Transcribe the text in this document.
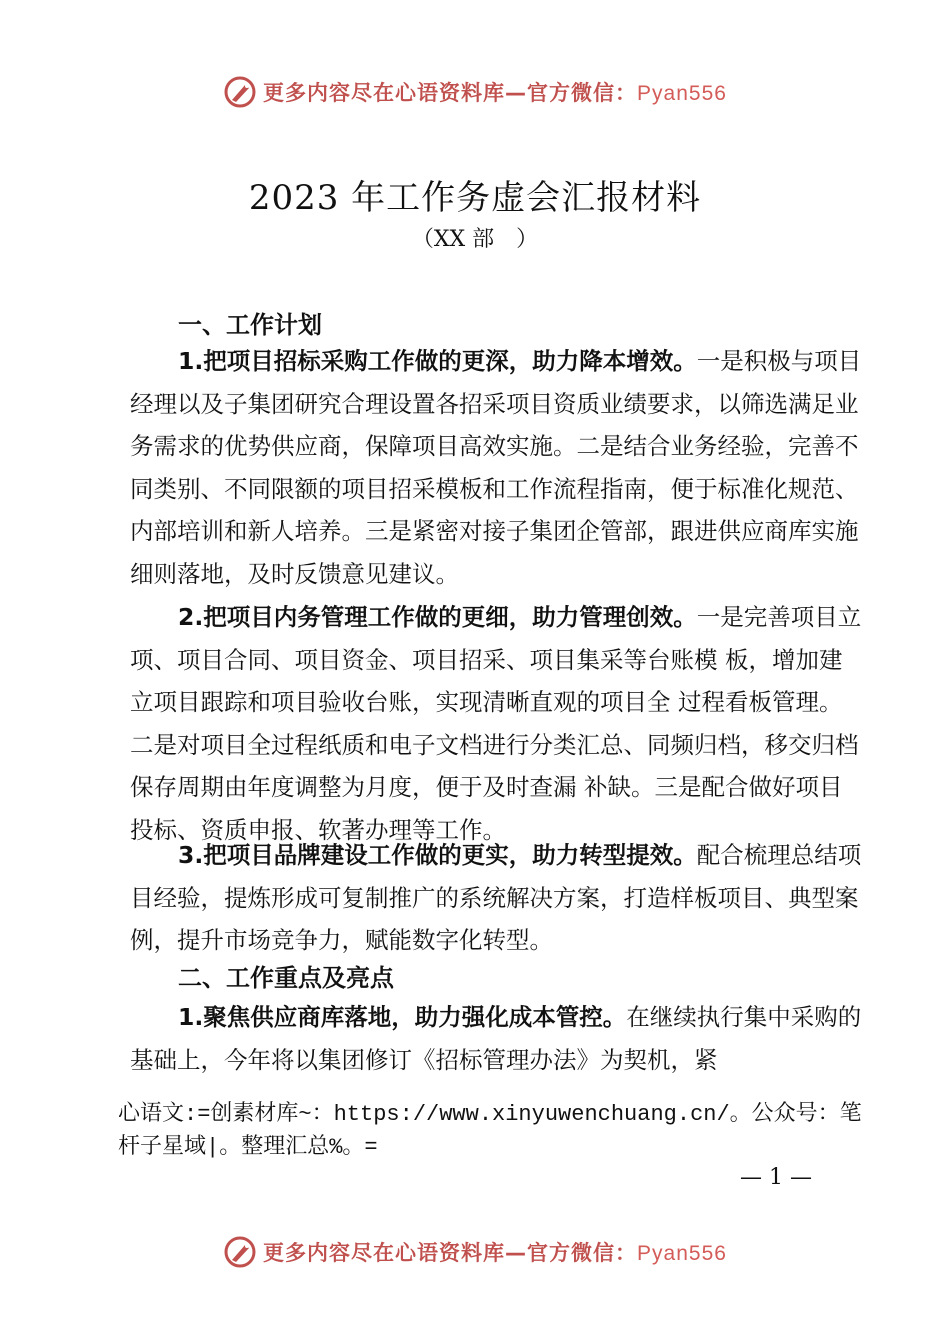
更多内容尽在心语资料库—官方微信：Pyan556
2023 年工作务虚会汇报材料
（XX 部　）
一、工作计划
1.把项目招标采购工作做的更深，助力降本增效。一是积极与项目经理以及子集团研究合理设置各招采项目资质业绩要求，以筛选满足业务需求的优势供应商，保障项目高效实施。二是结合业务经验，完善不同类别、不同限额的项目招采模板和工作流程指南，便于标准化规范、内部培训和新人培养。三是紧密对接子集团企管部，跟进供应商库实施细则落地，及时反馈意见建议。
2.把项目内务管理工作做的更细，助力管理创效。一是完善项目立项、项目合同、项目资金、项目招采、项目集采等台账模 板，增加建立项目跟踪和项目验收台账，实现清晰直观的项目全 过程看板管理。二是对项目全过程纸质和电子文档进行分类汇总、同频归档，移交归档保存周期由年度调整为月度，便于及时查漏 补缺。三是配合做好项目投标、资质申报、软著办理等工作。
3.把项目品牌建设工作做的更实，助力转型提效。配合梳理总结项目经验，提炼形成可复制推广的系统解决方案，打造样板项目、典型案例，提升市场竞争力，赋能数字化转型。
二、工作重点及亮点
1.聚焦供应商库落地，助力强化成本管控。在继续执行集中采购的基础上，今年将以集团修订《招标管理办法》为契机，紧
心语文:=创素材库~：https://www.xinyuwenchuang.cn/。公众号：笔杆子星域|。整理汇总%。=
— 1 —
更多内容尽在心语资料库—官方微信：Pyan556
